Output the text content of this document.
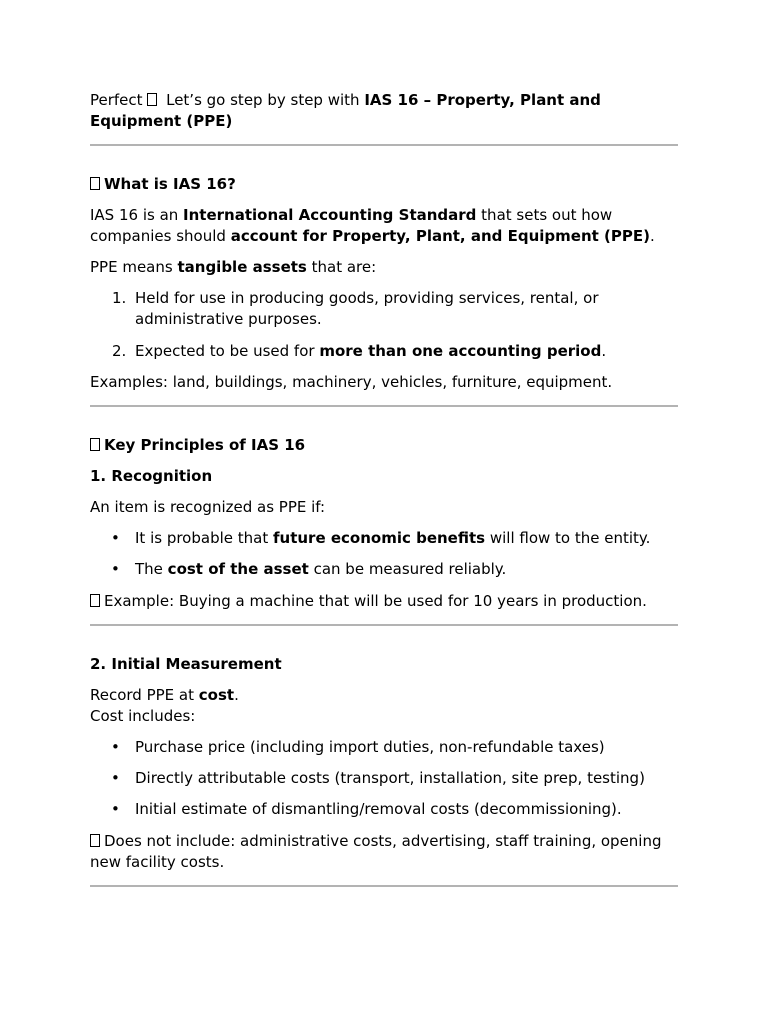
Perfect  Let’s go step by step with IAS 16 – Property, Plant and Equipment (PPE)

What is IAS 16?

IAS 16 is an International Accounting Standard that sets out how companies should account for Property, Plant, and Equipment (PPE).

PPE means tangible assets that are:

1. Held for use in producing goods, providing services, rental, or administrative purposes.
2. Expected to be used for more than one accounting period.

Examples: land, buildings, machinery, vehicles, furniture, equipment.

Key Principles of IAS 16

1. Recognition

An item is recognized as PPE if:

• It is probable that future economic benefits will flow to the entity.
• The cost of the asset can be measured reliably.

Example: Buying a machine that will be used for 10 years in production.

2. Initial Measurement

Record PPE at cost.
Cost includes:

• Purchase price (including import duties, non-refundable taxes)
• Directly attributable costs (transport, installation, site prep, testing)
• Initial estimate of dismantling/removal costs (decommissioning).

Does not include: administrative costs, advertising, staff training, opening new facility costs.
